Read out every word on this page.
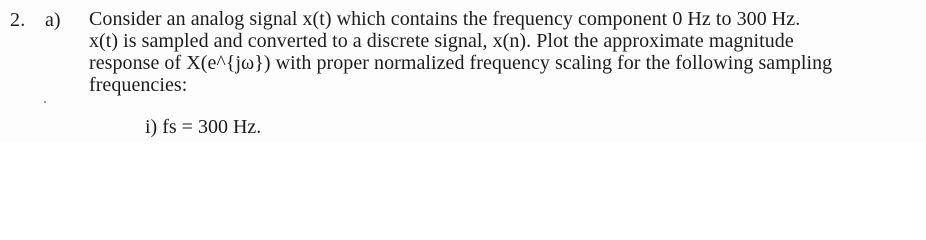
2. a) Consider an analog signal x(t) which contains the frequency component 0 Hz to 300 Hz.
x(t) is sampled and converted to a discrete signal, x(n). Plot the approximate magnitude
response of X(e^{jω}) with proper normalized frequency scaling for the following sampling
frequencies:
i) fs = 300 Hz.
